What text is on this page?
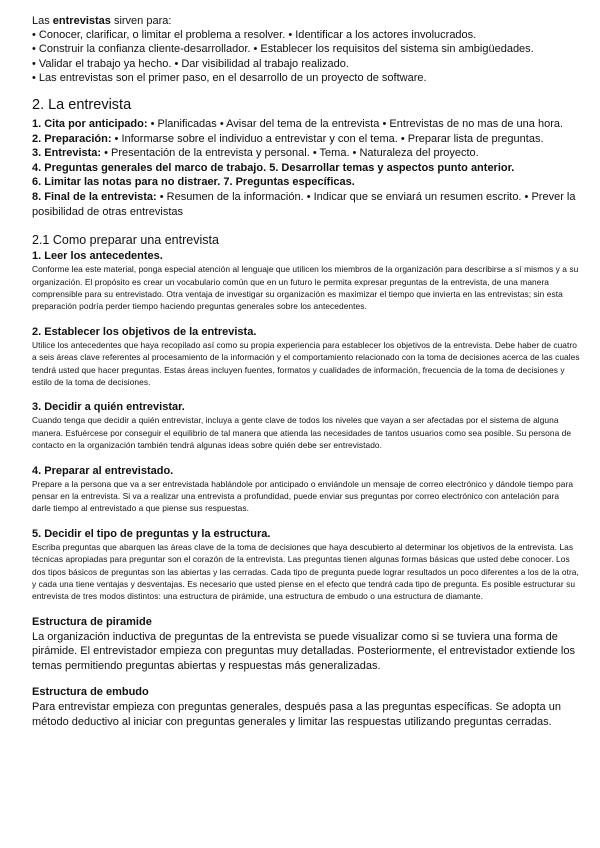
Las entrevistas sirven para:

• Conocer, clarificar, o limitar el problema a resolver. • Identificar a los actores involucrados.

• Construir la confianza cliente-desarrollador. • Establecer los requisitos del sistema sin ambigüedades.

• Validar el trabajo ya hecho. • Dar visibilidad al trabajo realizado.

• Las entrevistas son el primer paso, en el desarrollo de un proyecto de software.

2. La entrevista

1. Cita por anticipado: • Planificadas • Avisar del tema de la entrevista • Entrevistas de no mas de una hora.

2. Preparación: • Informarse sobre el individuo a entrevistar y con el tema. • Preparar lista de preguntas.

3. Entrevista: • Presentación de la entrevista y personal. • Tema. • Naturaleza del proyecto.

4. Preguntas generales del marco de trabajo. 5. Desarrollar temas y aspectos punto anterior.

6. Limitar las notas para no distraer. 7. Preguntas específicas.

8. Final de la entrevista: • Resumen de la información. • Indicar que se enviará un resumen escrito. • Prever la posibilidad de otras entrevistas

2.1 Como preparar una entrevista

1. Leer los antecedentes.

Conforme lea este material, ponga especial atención al lenguaje que utilicen los miembros de la organización para describirse a sí mismos y a su organización. El propósito es crear un vocabulario común que en un futuro le permita expresar preguntas de la entrevista, de una manera comprensible para su entrevistado. Otra ventaja de investigar su organización es maximizar el tiempo que invierta en las entrevistas; sin esta preparación podría perder tiempo haciendo preguntas generales sobre los antecedentes.

2. Establecer los objetivos de la entrevista.

Utilice los antecedentes que haya recopilado así como su propia experiencia para establecer los objetivos de la entrevista. Debe haber de cuatro a seis áreas clave referentes al procesamiento de la información y el comportamiento relacionado con la toma de decisiones acerca de las cuales tendrá usted que hacer preguntas. Estas áreas incluyen fuentes, formatos y cualidades de información, frecuencia de la toma de decisiones y estilo de la toma de decisiones.

3. Decidir a quién entrevistar.

Cuando tenga que decidir a quién entrevistar, incluya a gente clave de todos los niveles que vayan a ser afectadas por el sistema de alguna manera. Esfuércese por conseguir el equilibrio de tal manera que atienda las necesidades de tantos usuarios como sea posible. Su persona de contacto en la organización también tendrá algunas ideas sobre quién debe ser entrevistado.

4. Preparar al entrevistado.

Prepare a la persona que va a ser entrevistada hablándole por anticipado o enviándole un mensaje de correo electrónico y dándole tiempo para pensar en la entrevista. Si va a realizar una entrevista a profundidad, puede enviar sus preguntas por correo electrónico con antelación para darle tiempo al entrevistado a que piense sus respuestas.

5. Decidir el tipo de preguntas y la estructura.

Escriba preguntas que abarquen las áreas clave de la toma de decisiones que haya descubierto al determinar los objetivos de la entrevista. Las técnicas apropiadas para preguntar son el corazón de la entrevista. Las preguntas tienen algunas formas básicas que usted debe conocer. Los dos tipos básicos de preguntas son las abiertas y las cerradas. Cada tipo de pregunta puede lograr resultados un poco diferentes a los de la otra, y cada una tiene ventajas y desventajas. Es necesario que usted piense en el efecto que tendrá cada tipo de pregunta. Es posible estructurar su entrevista de tres modos distintos: una estructura de pirámide, una estructura de embudo o una estructura de diamante.

Estructura de piramide

La organización inductiva de preguntas de la entrevista se puede visualizar como si se tuviera una forma de pirámide. El entrevistador empieza con preguntas muy detalladas. Posteriormente, el entrevistador extiende los temas permitiendo preguntas abiertas y respuestas más generalizadas.

Estructura de embudo

Para entrevistar empieza con preguntas generales, después pasa a las preguntas específicas. Se adopta un método deductivo al iniciar con preguntas generales y limitar las respuestas utilizando preguntas cerradas.
